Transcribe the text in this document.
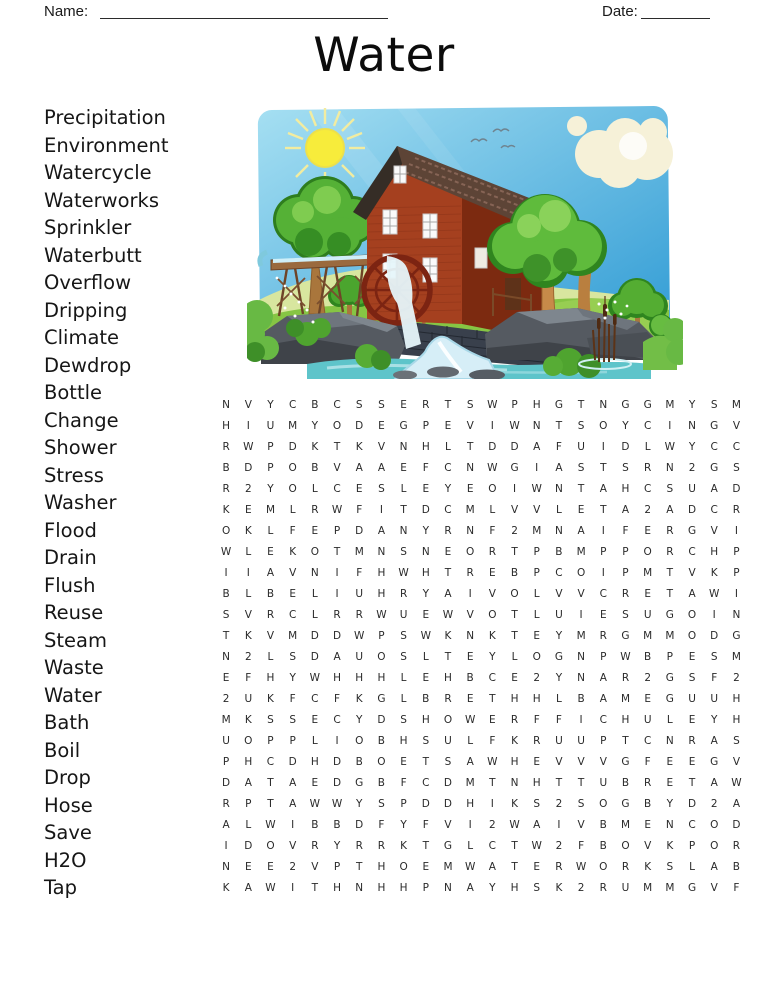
Name:	Date:
Water
Precipitation
Environment
Watercycle
Waterworks
Sprinkler
Waterbutt
Overflow
Dripping
Climate
Dewdrop
Bottle
Change
Shower
Stress
Washer
Flood
Drain
Flush
Reuse
Steam
Waste
Water
Bath
Boil
Drop
Hose
Save
H2O
Tap
N	V	Y	C	B	C	S	S	E	R	T	S	W	P	H	G	T	N	G	G	M	Y	S	M
H	I	U	M	Y	O	D	E	G	P	E	V	I	W	N	T	S	O	Y	C	I	N	G	V
R	W	P	D	K	T	K	V	N	H	L	T	D	D	A	F	U	I	D	L	W	Y	C	C
B	D	P	O	B	V	A	A	E	F	C	N	W	G	I	A	S	T	S	R	N	2	G	S
R	2	Y	O	L	C	E	S	L	E	Y	E	O	I	W	N	T	A	H	C	S	U	A	D
K	E	M	L	R	W	F	I	T	D	C	M	L	V	V	L	E	T	A	2	A	D	C	R
O	K	L	F	E	P	D	A	N	Y	R	N	F	2	M	N	A	I	F	E	R	G	V	I
W	L	E	K	O	T	M	N	S	N	E	O	R	T	P	B	M	P	P	O	R	C	H	P
I	I	A	V	N	I	F	H	W	H	T	R	E	B	P	C	O	I	P	M	T	V	K	P
B	L	B	E	L	I	U	H	R	Y	A	I	V	O	L	V	V	C	R	E	T	A	W	I
S	V	R	C	L	R	R	W	U	E	W	V	O	T	L	U	I	E	S	U	G	O	I	N
T	K	V	M	D	D	W	P	S	W	K	N	K	T	E	Y	M	R	G	M	M	O	D	G
N	2	L	S	D	A	U	O	S	L	T	E	Y	L	O	G	N	P	W	B	P	E	S	M
E	F	H	Y	W	H	H	H	L	E	H	B	C	E	2	Y	N	A	R	2	G	S	F	2
2	U	K	F	C	F	K	G	L	B	R	E	T	H	H	L	B	A	M	E	G	U	U	H
M	K	S	S	E	C	Y	D	S	H	O	W	E	R	F	F	I	C	H	U	L	E	Y	H
U	O	P	P	L	I	O	B	H	S	U	L	F	K	R	U	U	P	T	C	N	R	A	S
P	H	C	D	H	D	B	O	E	T	S	A	W	H	E	V	V	V	G	F	E	E	G	V
D	A	T	A	E	D	G	B	F	C	D	M	T	N	H	T	T	U	B	R	E	T	A	W
R	P	T	A	W	W	Y	S	P	D	D	H	I	K	S	2	S	O	G	B	Y	D	2	A
A	L	W	I	B	B	D	F	Y	F	V	I	2	W	A	I	V	B	M	E	N	C	O	D
I	D	O	V	R	Y	R	R	K	T	G	L	C	T	W	2	F	B	O	V	K	P	O	R
N	E	E	2	V	P	T	H	O	E	M	W	A	T	E	R	W	O	R	K	S	L	A	B
K	A	W	I	T	H	N	H	H	P	N	A	Y	H	S	K	2	R	U	M	M	G	V	F
